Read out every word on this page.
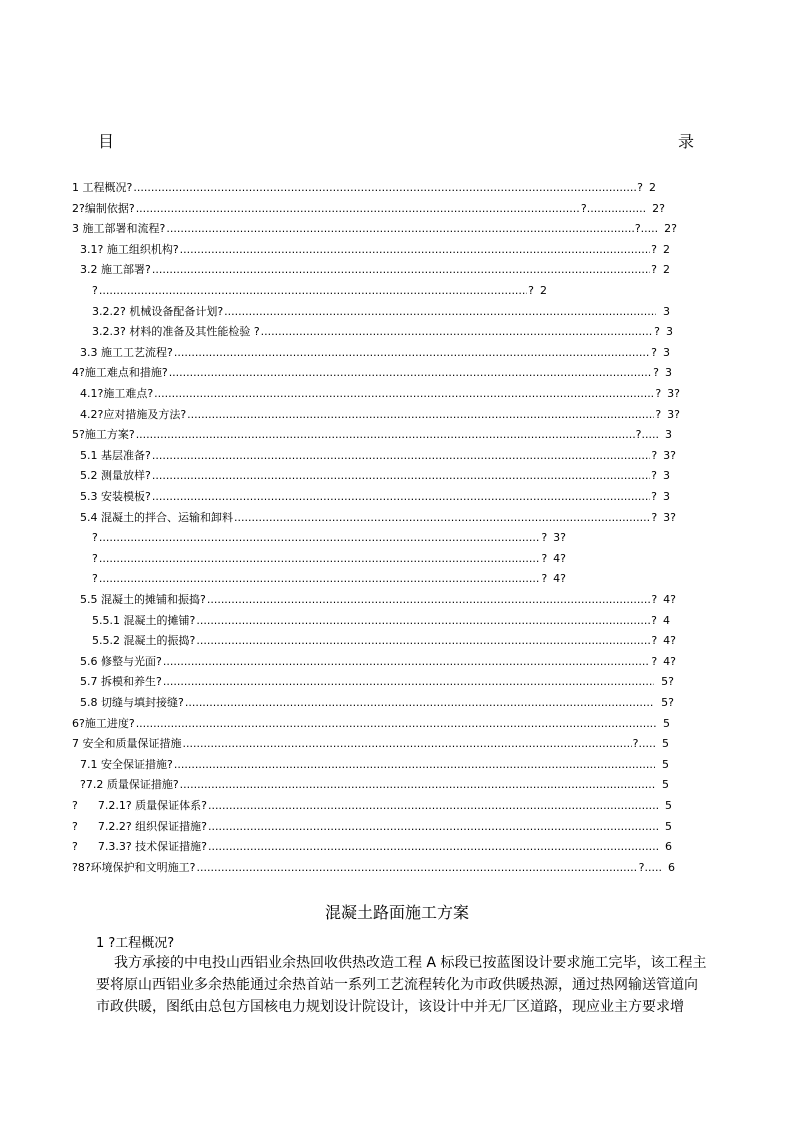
目	录
1 工程概况? .....	? 2
2?编制依据? .....	?................. 2?
3 施工部署和流程? .....	?..... 2?
3.1? 施工组织机构? .....	? 2
3.2 施工部署? .....	? 2
? .....	? 2
3.2.2? 机械设备配备计划? .....	3
3.2.3? 材料的准备及其性能检验 ? .....	? 3
3.3 施工工艺流程? .....	? 3
4?施工难点和措施? .....	? 3
4.1?施工难点? .....	? 3?
4.2?应对措施及方法? .....	? 3?
5?施工方案? .....	?..... 3
5.1 基层准备? .....	? 3?
5.2 测量放样? .....	? 3
5.3 安装模板? .....	? 3
5.4 混凝土的拌合、运输和卸料 .....	? 3?
? .....	? 3?
? .....	? 4?
? .....	? 4?
5.5 混凝土的摊铺和振捣? .....	? 4?
5.5.1 混凝土的摊铺? .....	? 4
5.5.2 混凝土的振捣? .....	? 4?
5.6 修整与光面? .....	? 4?
5.7 拆模和养生? .....	5?
5.8 切缝与填封接缝? .....	5?
6?施工进度? .....	5
7 安全和质量保证措施 .....	?..... 5
7.1 安全保证措施? .....	5
?7.2 质量保证措施? .....	5
? 7.2.1? 质量保证体系? .....	5
? 7.2.2? 组织保证措施? .....	5
? 7.3.3? 技术保证措施? .....	6
?8?环境保护和文明施工? .....	?..... 6
混凝土路面施工方案
1 ?工程概况?

我方承接的中电投山西铝业余热回收供热改造工程 A 标段已按蓝图设计要求施工完毕，该工程主要将原山西铝业多余热能通过余热首站一系列工艺流程转化为市政供暖热源，通过热网输送管道向市政供暖，图纸由总包方国核电力规划设计院设计，该设计中并无厂区道路，现应业主方要求增
